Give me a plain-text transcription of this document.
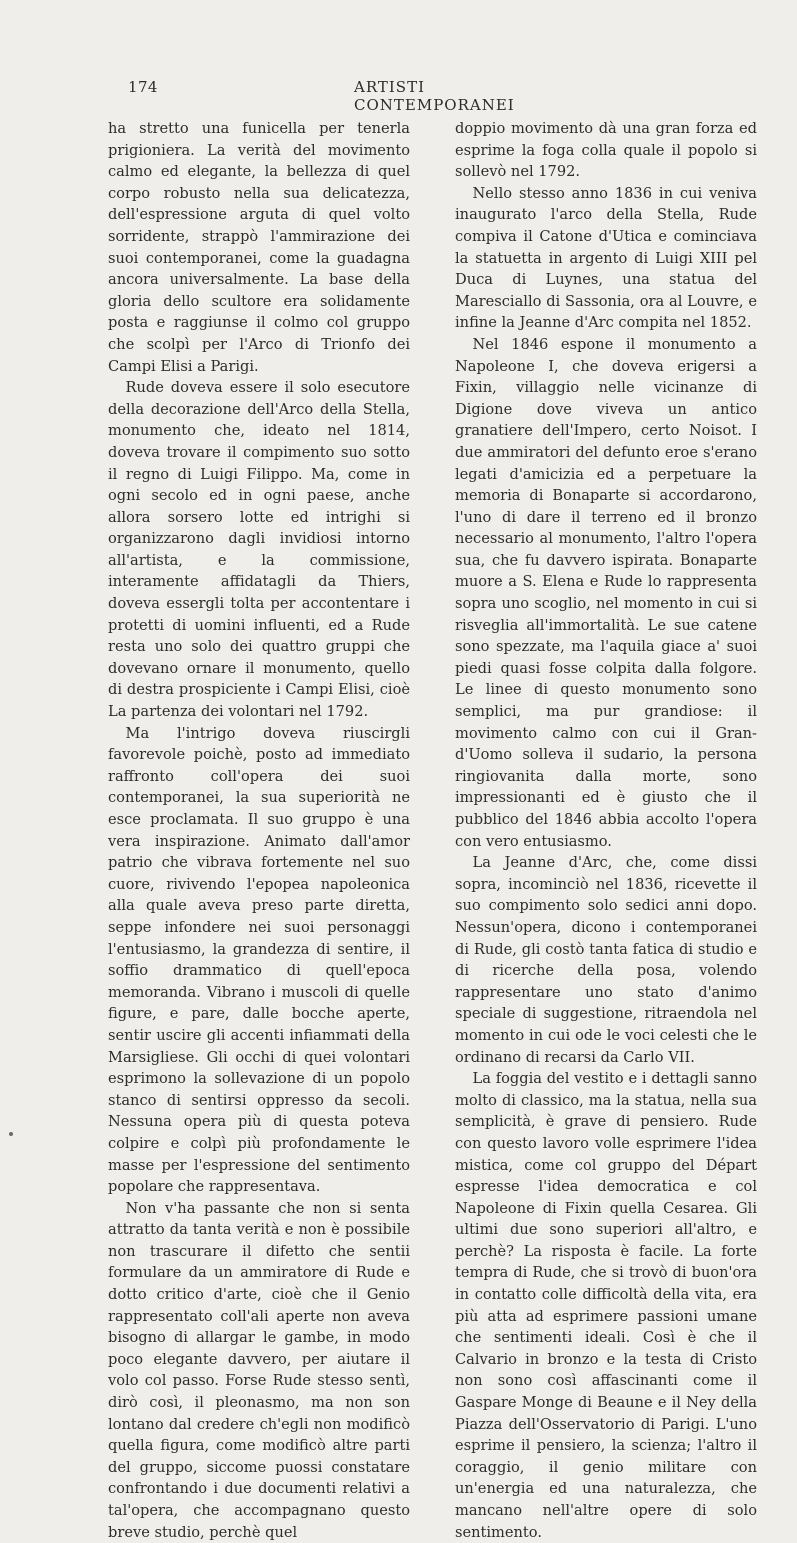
174	ARTISTI CONTEMPORANEI

ha stretto una funicella per tenerla prigioniera. La verità del movimento calmo ed elegante, la bellezza di quel corpo robusto nella sua delicatezza, dell'espressione arguta di quel volto sorridente, strappò l'ammirazione dei suoi contemporanei, come la guadagna ancora universalmente. La base della gloria dello scultore era solidamente posta e raggiunse il colmo col gruppo che scolpì per l'Arco di Trionfo dei Campi Elisi a Parigi.

Rude doveva essere il solo esecutore della decorazione dell'Arco della Stella, monumento che, ideato nel 1814, doveva trovare il compimento suo sotto il regno di Luigi Filippo. Ma, come in ogni secolo ed in ogni paese, anche allora sorsero lotte ed intrighi si organizzarono dagli invidiosi intorno all'artista, e la commissione, interamente affidatagli da Thiers, doveva essergli tolta per accontentare i protetti di uomini influenti, ed a Rude resta uno solo dei quattro gruppi che dovevano ornare il monumento, quello di destra prospiciente i Campi Elisi, cioè La partenza dei volontari nel 1792.

Ma l'intrigo doveva riuscirgli favorevole poichè, posto ad immediato raffronto coll'opera dei suoi contemporanei, la sua superiorità ne esce proclamata. Il suo gruppo è una vera inspirazione. Animato dall'amor patrio che vibrava fortemente nel suo cuore, rivivendo l'epopea napoleonica alla quale aveva preso parte diretta, seppe infondere nei suoi personaggi l'entusiasmo, la grandezza di sentire, il soffio drammatico di quell'epoca memoranda. Vibrano i muscoli di quelle figure, e pare, dalle bocche aperte, sentir uscire gli accenti infiammati della Marsigliese. Gli occhi di quei volontari esprimono la sollevazione di un popolo stanco di sentirsi oppresso da secoli. Nessuna opera più di questa poteva colpire e colpì più profondamente le masse per l'espressione del sentimento popolare che rappresentava.

Non v'ha passante che non si senta attratto da tanta verità e non è possibile non trascurare il difetto che sentii formulare da un ammiratore di Rude e dotto critico d'arte, cioè che il Genio rappresentato coll'ali aperte non aveva bisogno di allargar le gambe, in modo poco elegante davvero, per aiutare il volo col passo. Forse Rude stesso sentì, dirò così, il pleonasmo, ma non son lontano dal credere ch'egli non modificò quella figura, come modificò altre parti del gruppo, siccome puossi constatare confrontando i due documenti relativi a tal'opera, che accompagnano questo breve studio, perchè quel

doppio movimento dà una gran forza ed esprime la foga colla quale il popolo si sollevò nel 1792.

Nello stesso anno 1836 in cui veniva inaugurato l'arco della Stella, Rude compiva il Catone d'Utica e cominciava la statuetta in argento di Luigi XIII pel Duca di Luynes, una statua del Maresciallo di Sassonia, ora al Louvre, e infine la Jeanne d'Arc compita nel 1852.

Nel 1846 espone il monumento a Napoleone I, che doveva erigersi a Fixin, villaggio nelle vicinanze di Digione dove viveva un antico granatiere dell'Impero, certo Noisot. I due ammiratori del defunto eroe s'erano legati d'amicizia ed a perpetuare la memoria di Bonaparte si accordarono, l'uno di dare il terreno ed il bronzo necessario al monumento, l'altro l'opera sua, che fu davvero ispirata. Bonaparte muore a S. Elena e Rude lo rappresenta sopra uno scoglio, nel momento in cui si risveglia all'immortalità. Le sue catene sono spezzate, ma l'aquila giace a' suoi piedi quasi fosse colpita dalla folgore. Le linee di questo monumento sono semplici, ma pur grandiose: il movimento calmo con cui il Gran-d'Uomo solleva il sudario, la persona ringiovanita dalla morte, sono impressionanti ed è giusto che il pubblico del 1846 abbia accolto l'opera con vero entusiasmo.

La Jeanne d'Arc, che, come dissi sopra, incominciò nel 1836, ricevette il suo compimento solo sedici anni dopo. Nessun'opera, dicono i contemporanei di Rude, gli costò tanta fatica di studio e di ricerche della posa, volendo rappresentare uno stato d'animo speciale di suggestione, ritraendola nel momento in cui ode le voci celesti che le ordinano di recarsi da Carlo VII.

La foggia del vestito e i dettagli sanno molto di classico, ma la statua, nella sua semplicità, è grave di pensiero. Rude con questo lavoro volle esprimere l'idea mistica, come col gruppo del Départ espresse l'idea democratica e col Napoleone di Fixin quella Cesarea. Gli ultimi due sono superiori all'altro, e perchè? La risposta è facile. La forte tempra di Rude, che si trovò di buon'ora in contatto colle difficoltà della vita, era più atta ad esprimere passioni umane che sentimenti ideali. Così è che il Calvario in bronzo e la testa di Cristo non sono così affascinanti come il Gaspare Monge di Beaune e il Ney della Piazza dell'Osservatorio di Parigi. L'uno esprime il pensiero, la scienza; l'altro il coraggio, il genio militare con un'energia ed una naturalezza, che mancano nell'altre opere di solo sentimento.
